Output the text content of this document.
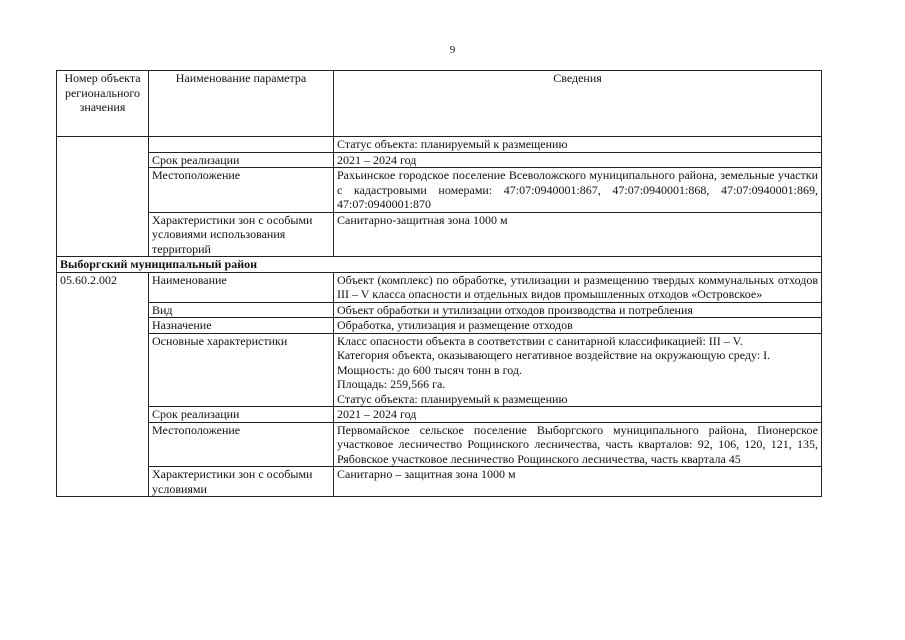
9
Номер объекта регионального значения	Наименование параметра	Сведения
		Статус объекта: планируемый к размещению
	Срок реализации	2021 – 2024 год
	Местоположение	Рахьинское городское поселение Всеволожского муниципального района, земельные участки с кадастровыми номерами: 47:07:0940001:867, 47:07:0940001:868, 47:07:0940001:869, 47:07:0940001:870
	Характеристики зон с особыми условиями использования территорий	Санитарно-защитная зона 1000 м
Выборгский муниципальный район		
05.60.2.002	Наименование	Объект (комплекс) по обработке, утилизации и размещению твердых коммунальных отходов III – V класса опасности и отдельных видов промышленных отходов «Островское»
	Вид	Объект обработки и утилизации отходов производства и потребления
	Назначение	Обработка, утилизация и размещение отходов
	Основные характеристики	Класс опасности объекта в соответствии с санитарной классификацией: III – V.
Категория объекта, оказывающего негативное воздействие на окружающую среду: I.
Мощность: до 600 тысяч тонн в год.
Площадь: 259,566 га.
Статус объекта: планируемый к размещению

	Срок реализации	2021 – 2024 год
	Местоположение	Первомайское сельское поселение Выборгского муниципального района, Пионерское участковое лесничество Рощинского лесничества, часть кварталов: 92, 106, 120, 121, 135, Рябовское участковое лесничество Рощинского лесничества, часть квартала 45
	Характеристики зон с особыми условиями	Санитарно – защитная зона 1000 м
